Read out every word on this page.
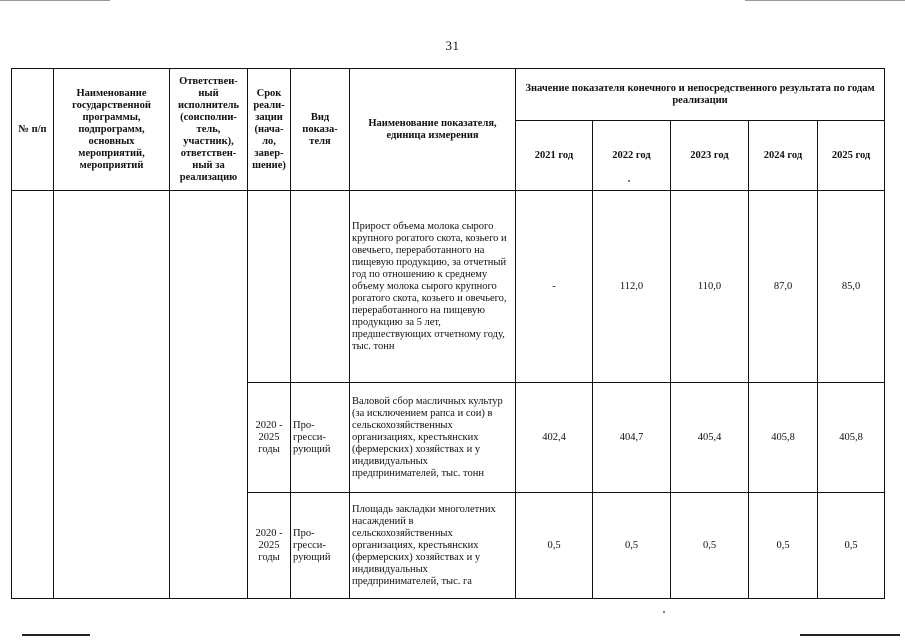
31
№ п/п	Наименование государственной программы, подпрограмм, основных мероприятий, мероприятий	Ответствен-ный исполнитель (соисполни-тель, участник), ответствен-ный за реализацию	Срок реали-зации (нача-ло, завер-шение)	Вид показа-теля	Наименование показателя, единица измерения	Значение показателя конечного и непосредственного результата по годам реализации				
						2021 год	2022 год	2023 год	2024 год	2025 год
					Прирост объема молока сырого крупного рогатого скота, козьего и овечьего, переработанного на пищевую продукцию, за отчетный год по отношению к среднему объему молока сырого крупного рогатого скота, козьего и овечьего, переработанного на пищевую продукцию за 5 лет, предшествующих отчетному году, тыс. тонн	-	112,0	110,0	87,0	85,0
			2020 - 2025 годы	Про-гресси-рующий	Валовой сбор масличных культур (за исключением рапса и сои) в сельскохозяйственных организациях, крестьянских (фермерских) хозяйствах и у индивидуальных предпринимателей, тыс. тонн	402,4	404,7	405,4	405,8	405,8
			2020 - 2025 годы	Про-гресси-рующий	Площадь закладки многолетних насаждений в сельскохозяйственных организациях, крестьянских (фермерских) хозяйствах и у индивидуальных предпринимателей, тыс. га	0,5	0,5	0,5	0,5	0,5
